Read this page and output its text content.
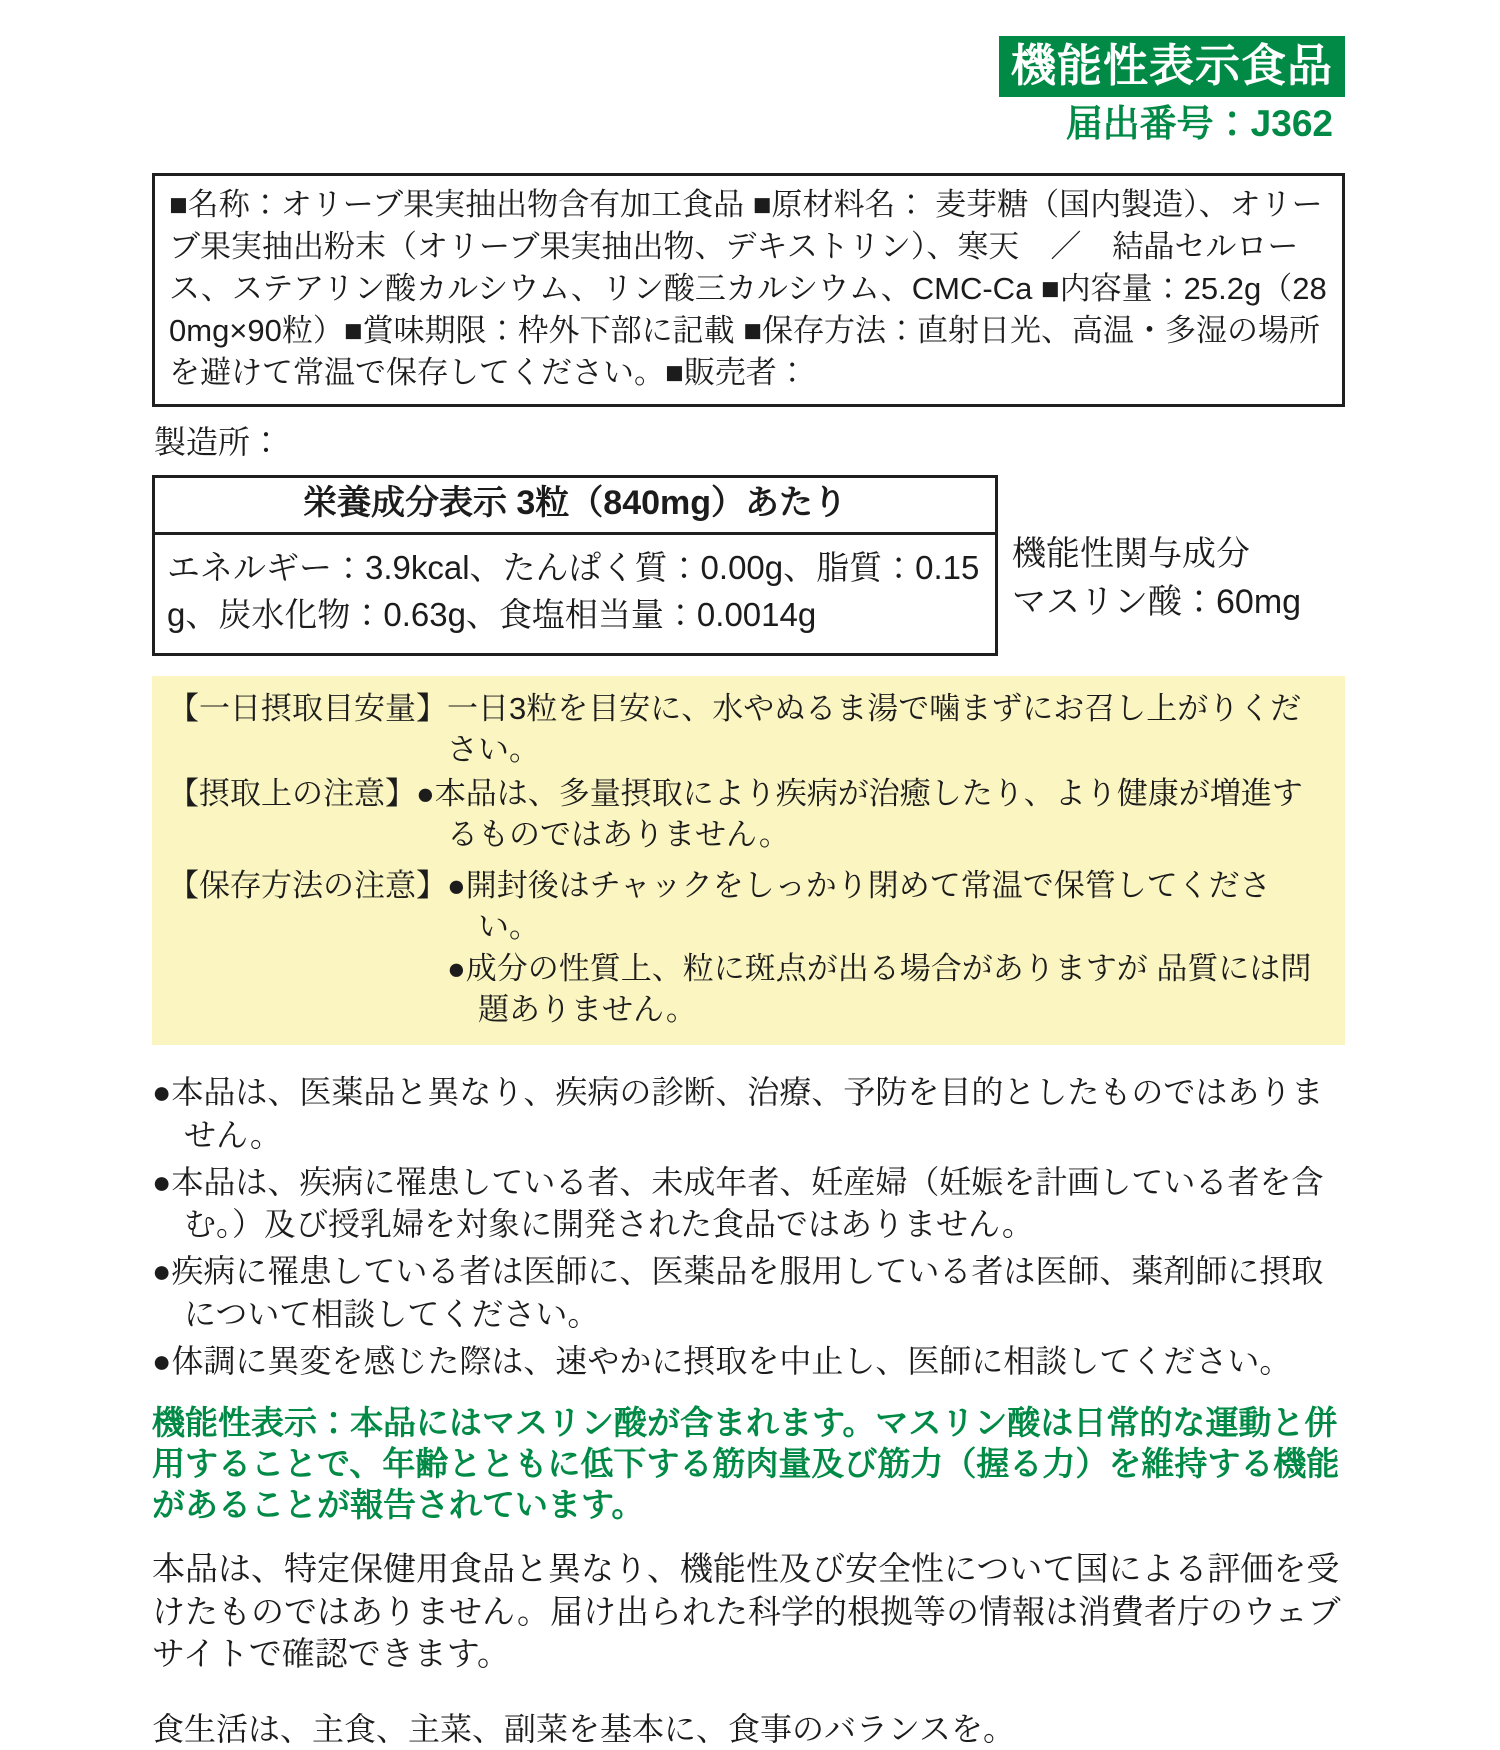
機能性表示食品
届出番号：J362
■名称：オリーブ果実抽出物含有加工食品 ■原材料名： 麦芽糖（国内製造）、オリーブ果実抽出粉末（オリーブ果実抽出物、デキストリン）、寒天　／　結晶セルロース、ステアリン酸カルシウム、リン酸三カルシウム、CMC-Ca ■内容量：25.2g（280mg×90粒）■賞味期限：枠外下部に記載 ■保存方法：直射日光、高温・多湿の場所を避けて常温で保存してください。■販売者：
製造所：
栄養成分表示 3粒（840mg）あたり
エネルギー：3.9kcal、たんぱく質：0.00g、脂質：0.15g、炭水化物：0.63g、食塩相当量：0.0014g
機能性関与成分
マスリン酸：60mg
【一日摂取目安量】 一日3粒を目安に、水やぬるま湯で噛まずにお召し上がりください。
【摂取上の注意】 ●本品は、多量摂取により疾病が治癒したり、より健康が増進するものではありません。
【保存方法の注意】 ●開封後はチャックをしっかり閉めて常温で保管してください。
●成分の性質上、粒に斑点が出る場合がありますが 品質には問題ありません。
●本品は、医薬品と異なり、疾病の診断、治療、予防を目的としたものではありません。
●本品は、疾病に罹患している者、未成年者、妊産婦（妊娠を計画している者を含む。）及び授乳婦を対象に開発された食品ではありません。
●疾病に罹患している者は医師に、医薬品を服用している者は医師、薬剤師に摂取について相談してください。
●体調に異変を感じた際は、速やかに摂取を中止し、医師に相談してください。

機能性表示：本品にはマスリン酸が含まれます。マスリン酸は日常的な運動と併用することで、年齢とともに低下する筋肉量及び筋力（握る力）を維持する機能があることが報告されています。

本品は、特定保健用食品と異なり、機能性及び安全性について国による評価を受けたものではありません。届け出られた科学的根拠等の情報は消費者庁のウェブサイトで確認できます。

食生活は、主食、主菜、副菜を基本に、食事のバランスを。
